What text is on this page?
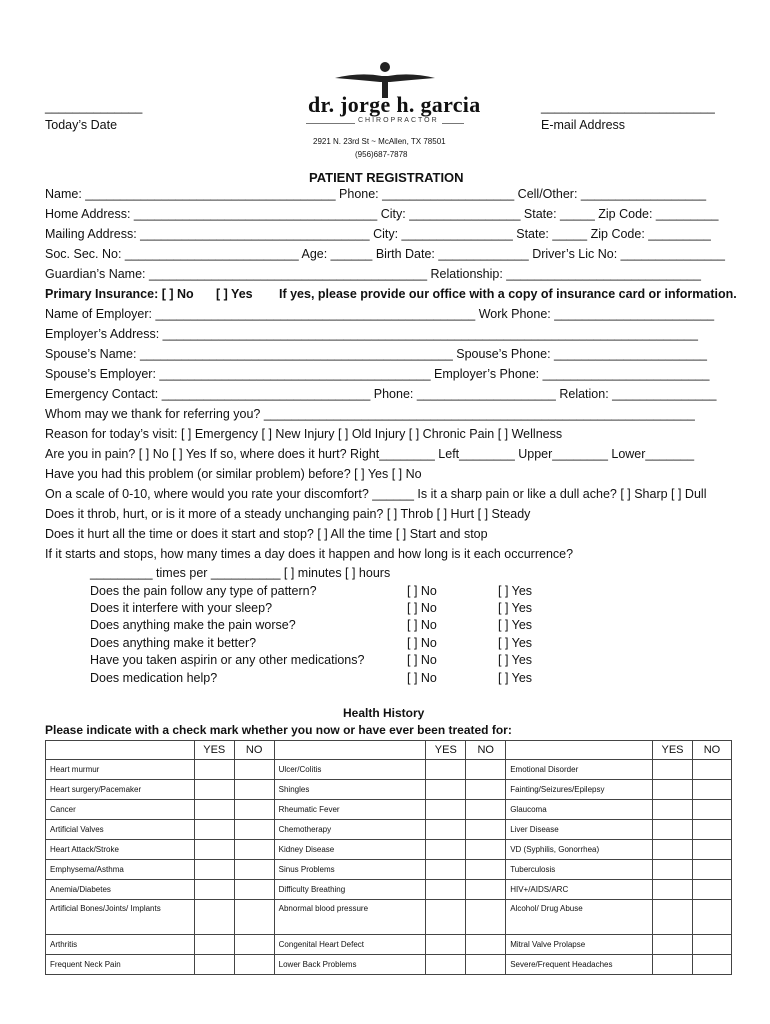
______________
Today’s Date
dr. jorge h. garcia
CHIROPRACTOR
2921 N. 23rd St ~ McAllen, TX 78501
(956)687-7878
_________________________
E-mail Address
PATIENT REGISTRATION
Name: ____________________________________ Phone: ___________________ Cell/Other: __________________
Home Address: ___________________________________ City: ________________ State: _____ Zip Code: _________
Mailing Address: _________________________________ City: ________________ State: _____ Zip Code: _________
Soc. Sec. No: _________________________ Age: ______ Birth Date: _____________ Driver’s Lic No: _______________
Guardian’s Name: ________________________________________ Relationship: ____________________________
Primary Insurance: [ ] No [ ] Yes If yes, please provide our office with a copy of insurance card or information.
Name of Employer: ______________________________________________ Work Phone: _______________________
Employer’s Address: _____________________________________________________________________________
Spouse’s Name: _____________________________________________ Spouse’s Phone: ______________________
Spouse’s Employer: _______________________________________ Employer’s Phone: ________________________
Emergency Contact: ______________________________ Phone: ____________________ Relation: _______________
Whom may we thank for referring you? ______________________________________________________________
Reason for today’s visit: [ ] Emergency [ ] New Injury [ ] Old Injury [ ] Chronic Pain [ ] Wellness
Are you in pain? [ ] No [ ] Yes If so, where does it hurt? Right________ Left________ Upper________ Lower_______
Have you had this problem (or similar problem) before? [ ] Yes [ ] No
On a scale of 0-10, where would you rate your discomfort? ______ Is it a sharp pain or like a dull ache? [ ] Sharp [ ] Dull
Does it throb, hurt, or is it more of a steady unchanging pain? [ ] Throb [ ] Hurt [ ] Steady
Does it hurt all the time or does it start and stop? [ ] All the time [ ] Start and stop
If it starts and stops, how many times a day does it happen and how long is it each occurrence?
_________ times per __________ [ ] minutes [ ] hours
Does the pain follow any type of pattern?	[ ] No	[ ] Yes
Does it interfere with your sleep?	[ ] No	[ ] Yes
Does anything make the pain worse?	[ ] No	[ ] Yes
Does anything make it better?	[ ] No	[ ] Yes
Have you taken aspirin or any other medications?	[ ] No	[ ] Yes
Does medication help?	[ ] No	[ ] Yes
Health History
Please indicate with a check mark whether you now or have ever been treated for:
	YES	NO		YES	NO		YES	NO
Heart murmur			Ulcer/Colitis			Emotional Disorder		
Heart surgery/Pacemaker			Shingles			Fainting/Seizures/Epilepsy		
Cancer			Rheumatic Fever			Glaucoma		
Artificial Valves			Chemotherapy			Liver Disease		
Heart Attack/Stroke			Kidney Disease			VD (Syphilis, Gonorrhea)		
Emphysema/Asthma			Sinus Problems			Tuberculosis		
Anemia/Diabetes			Difficulty Breathing			HIV+/AIDS/ARC		
Artificial Bones/Joints/ Implants			Abnormal blood pressure			Alcohol/ Drug Abuse		
Arthritis			Congenital Heart Defect			Mitral Valve Prolapse		
Frequent Neck Pain			Lower Back Problems			Severe/Frequent Headaches		
